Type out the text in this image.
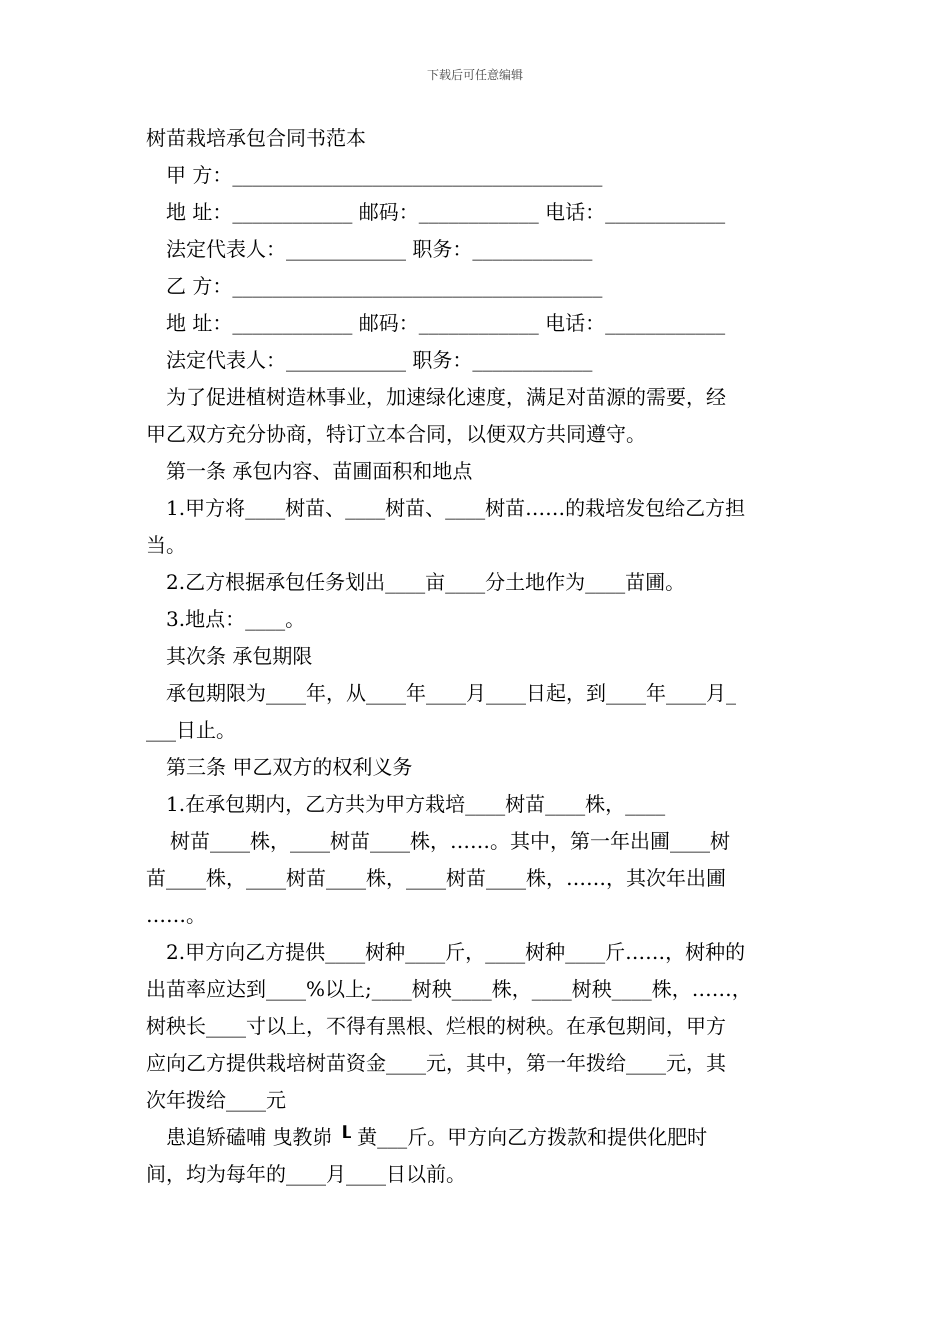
下载后可任意编辑
树苗栽培承包合同书范本
甲 方：_____________________________________
地 址：____________ 邮码：____________ 电话：____________
法定代表人：____________ 职务：____________
乙 方：_____________________________________
地 址：____________ 邮码：____________ 电话：____________
法定代表人：____________ 职务：____________
为了促进植树造林事业，加速绿化速度，满足对苗源的需要，经
甲乙双方充分协商，特订立本合同，以便双方共同遵守。
第一条 承包内容、苗圃面积和地点
1.甲方将____树苗、____树苗、____树苗……的栽培发包给乙方担
当。
2.乙方根据承包任务划出____亩____分土地作为____苗圃。
3.地点：____。
其次条 承包期限
承包期限为____年，从____年____月____日起，到____年____月_
___日止。
第三条 甲乙双方的权利义务
1.在承包期内，乙方共为甲方栽培____树苗____株，____
树苗____株，____树苗____株，……。其中，第一年出圃____树
苗____株，____树苗____株，____树苗____株，……，其次年出圃
……。
2.甲方向乙方提供____树种____斤，____树种____斤……，树种的
出苗率应达到____%以上;____树秧____株，____树秧____株，……，
树秧长____寸以上，不得有黑根、烂根的树秧。在承包期间，甲方
应向乙方提供栽培树苗资金____元，其中，第一年拨给____元，其
次年拨给____元
患追矫磕哺 曳教峁 ┖ 黄___斤。甲方向乙方拨款和提供化肥时
间，均为每年的____月____日以前。
